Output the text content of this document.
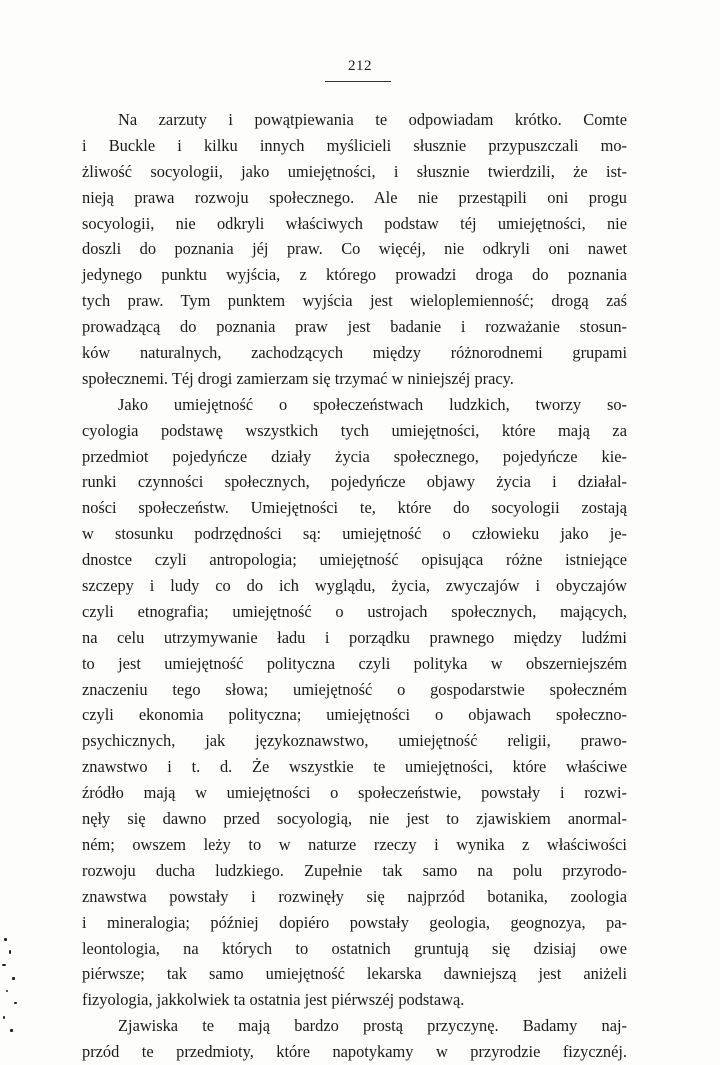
212
Na zarzuty i powątpiewania te odpowiadam krótko. Comte
i Buckle i kilku innych myślicieli słusznie przypuszczali mo-
żliwość socyologii, jako umiejętności, i słusznie twierdzili, że ist-
nieją prawa rozwoju społecznego. Ale nie przestąpili oni progu
socyologii, nie odkryli właściwych podstaw téj umiejętności, nie
doszli do poznania jéj praw. Co więcéj, nie odkryli oni nawet
jedynego punktu wyjścia, z którego prowadzi droga do poznania
tych praw. Tym punktem wyjścia jest wieloplemienność; drogą zaś
prowadzącą do poznania praw jest badanie i rozważanie stosun-
ków naturalnych, zachodzących między różnorodnemi grupami
społecznemi. Téj drogi zamierzam się trzymać w niniejszéj pracy.
Jako umiejętność o społeczeństwach ludzkich, tworzy so-
cyologia podstawę wszystkich tych umiejętności, które mają za
przedmiot pojedyńcze działy życia społecznego, pojedyńcze kie-
runki czynności społecznych, pojedyńcze objawy życia i działal-
ności społeczeństw. Umiejętności te, które do socyologii zostają
w stosunku podrzędności są: umiejętność o człowieku jako je-
dnostce czyli antropologia; umiejętność opisująca różne istniejące
szczepy i ludy co do ich wyglądu, życia, zwyczajów i obyczajów
czyli etnografia; umiejętność o ustrojach społecznych, mających,
na celu utrzymywanie ładu i porządku prawnego między ludźmi
to jest umiejętność polityczna czyli polityka w obszerniejszém
znaczeniu tego słowa; umiejętność o gospodarstwie społeczném
czyli ekonomia polityczna; umiejętności o objawach społeczno-
psychicznych, jak językoznawstwo, umiejętność religii, prawo-
znawstwo i t. d. Że wszystkie te umiejętności, które właściwe
źródło mają w umiejętności o społeczeństwie, powstały i rozwi-
nęły się dawno przed socyologią, nie jest to zjawiskiem anormal-
ném; owszem leży to w naturze rzeczy i wynika z właściwości
rozwoju ducha ludzkiego. Zupełnie tak samo na polu przyrodo-
znawstwa powstały i rozwinęły się najprzód botanika, zoologia
i mineralogia; później dopiéro powstały geologia, geognozya, pa-
leontologia, na których to ostatnich gruntują się dzisiaj owe
piérwsze; tak samo umiejętność lekarska dawniejszą jest aniżeli
fizyologia, jakkolwiek ta ostatnia jest piérwszéj podstawą.
Zjawiska te mają bardzo prostą przyczynę. Badamy naj-
przód te przedmioty, które napotykamy w przyrodzie fizycznéj.
